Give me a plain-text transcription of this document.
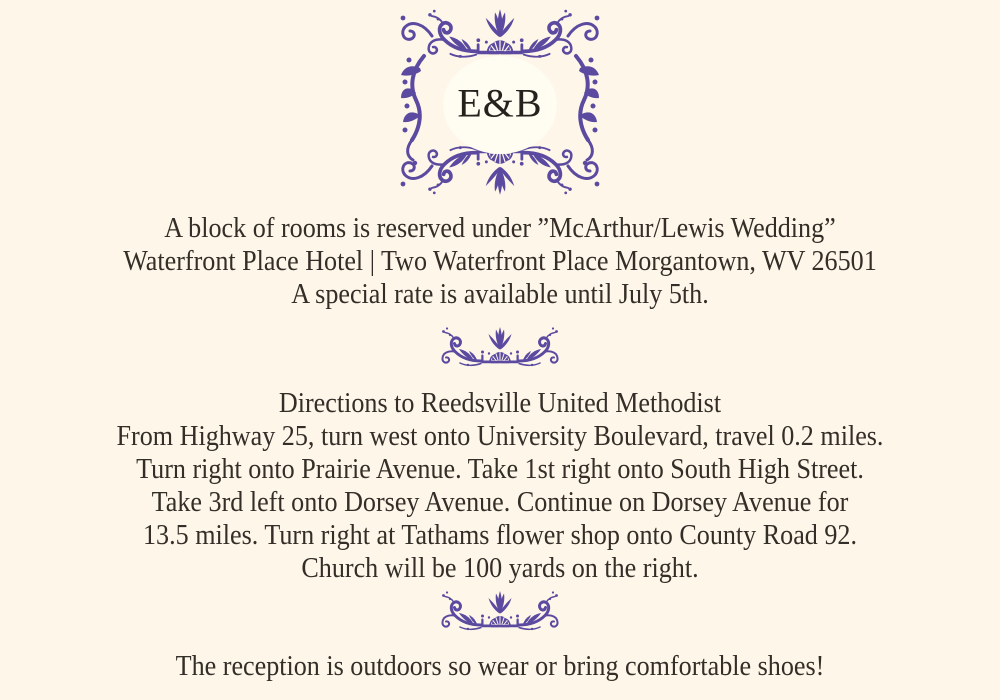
E&B
A block of rooms is reserved under ”McArthur/Lewis Wedding”
Waterfront Place Hotel | Two Waterfront Place Morgantown, WV 26501
A special rate is available until July 5th.
Directions to Reedsville United Methodist
From Highway 25, turn west onto University Boulevard, travel 0.2 miles.
Turn right onto Prairie Avenue. Take 1st right onto South High Street.
Take 3rd left onto Dorsey Avenue. Continue on Dorsey Avenue for
13.5 miles. Turn right at Tathams flower shop onto County Road 92.
Church will be 100 yards on the right.
The reception is outdoors so wear or bring comfortable shoes!
